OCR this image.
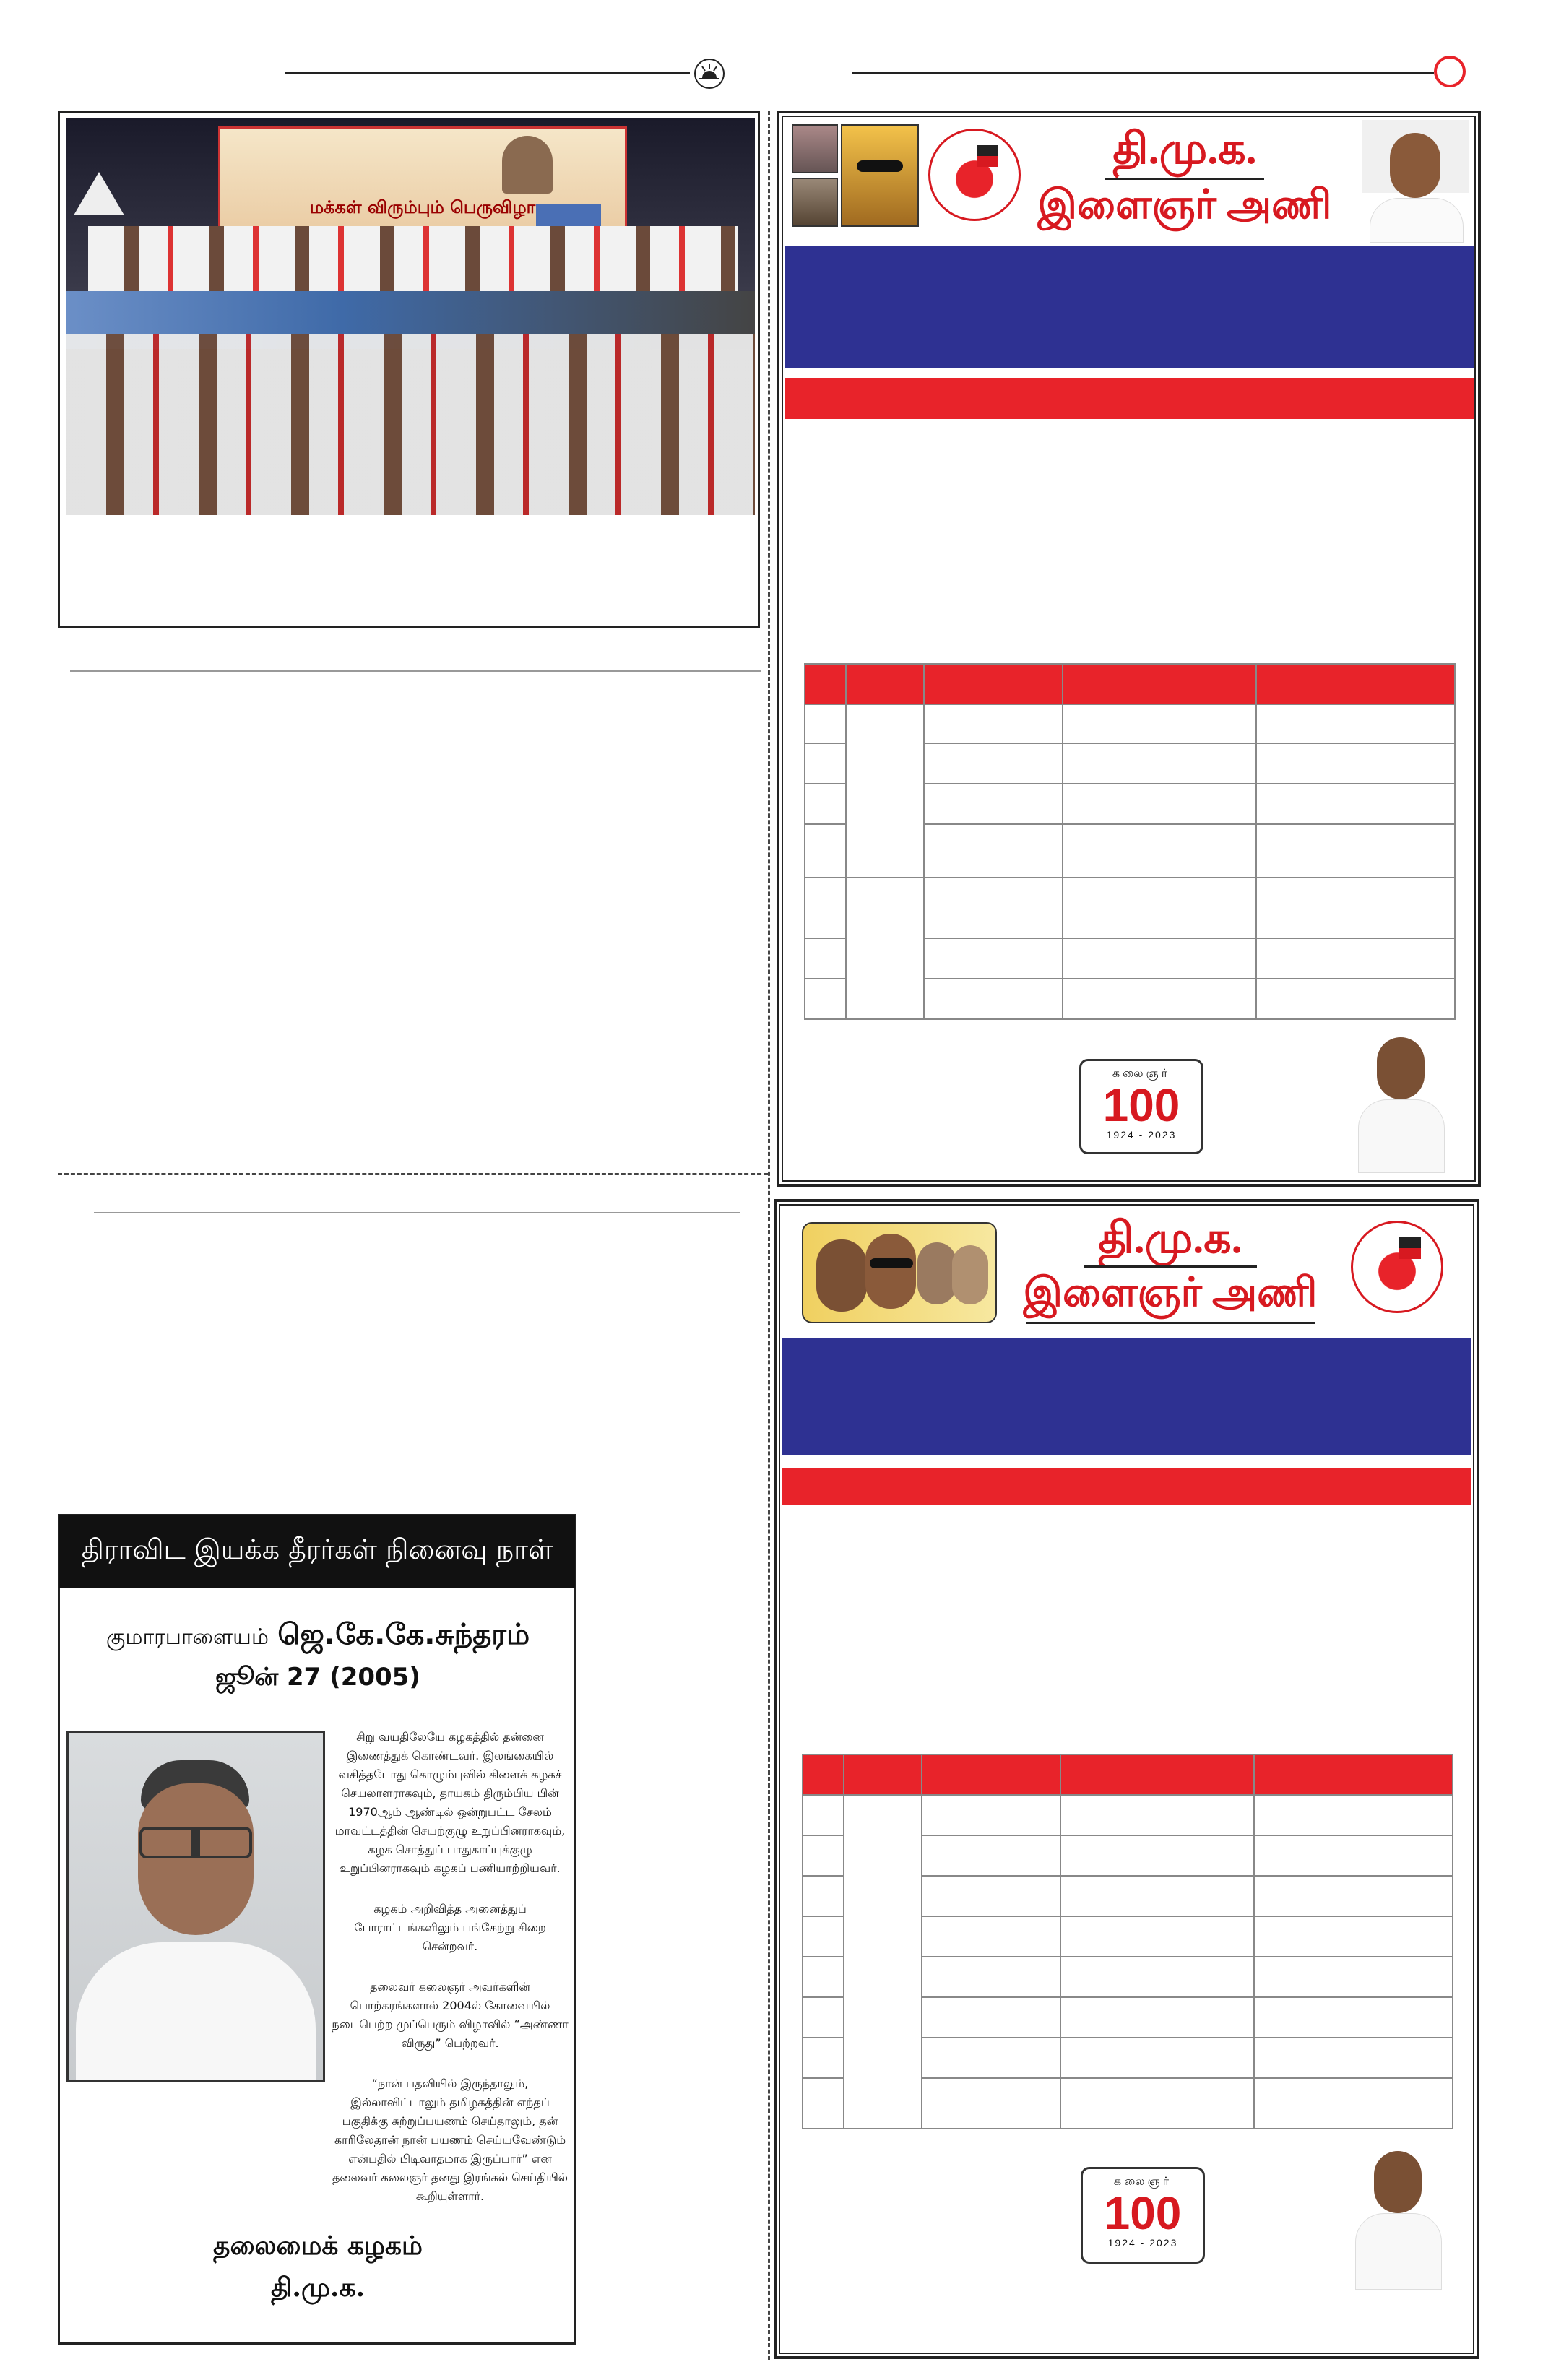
மக்கள் விரும்பும் பெருவிழா
தி.மு.க.
இளைஞர் அணி

கலைஞர்
100
1924 - 2023
தி.மு.க.
இளைஞர் அணி

கலைஞர்
100
1924 - 2023
திராவிட இயக்க தீரர்கள் நினைவு நாள்
குமாரபாளையம் ஜெ.கே.கே.சுந்தரம்
ஜூன் 27 (2005)

சிறு வயதிலேயே கழகத்தில் தன்னை இணைத்துக் கொண்டவர். இலங்கையில் வசித்தபோது கொழும்புவில் கிளைக் கழகச் செயலாளராகவும், தாயகம் திரும்பிய பின் 1970ஆம் ஆண்டில் ஒன்றுபட்ட சேலம் மாவட்டத்தின் செயற்குழு உறுப்பினராகவும், கழக சொத்துப் பாதுகாப்புக்குழு உறுப்பினராகவும் கழகப் பணியாற்றியவர்.

கழகம் அறிவித்த அனைத்துப் போராட்டங்களிலும் பங்கேற்று சிறை சென்றவர்.

தலைவர் கலைஞர் அவர்களின் பொற்கரங்களால் 2004ல் கோவையில் நடைபெற்ற முப்பெரும் விழாவில் “அண்ணா விருது” பெற்றவர்.

“நான் பதவியில் இருந்தாலும், இல்லாவிட்டாலும் தமிழகத்தின் எந்தப் பகுதிக்கு சுற்றுப்பயணம் செய்தாலும், தன் காரிலேதான் நான் பயணம் செய்யவேண்டும் என்பதில் பிடிவாதமாக இருப்பார்” என தலைவர் கலைஞர் தனது இரங்கல் செய்தியில் கூறியுள்ளார்.

தலைமைக் கழகம்
தி.மு.க.
